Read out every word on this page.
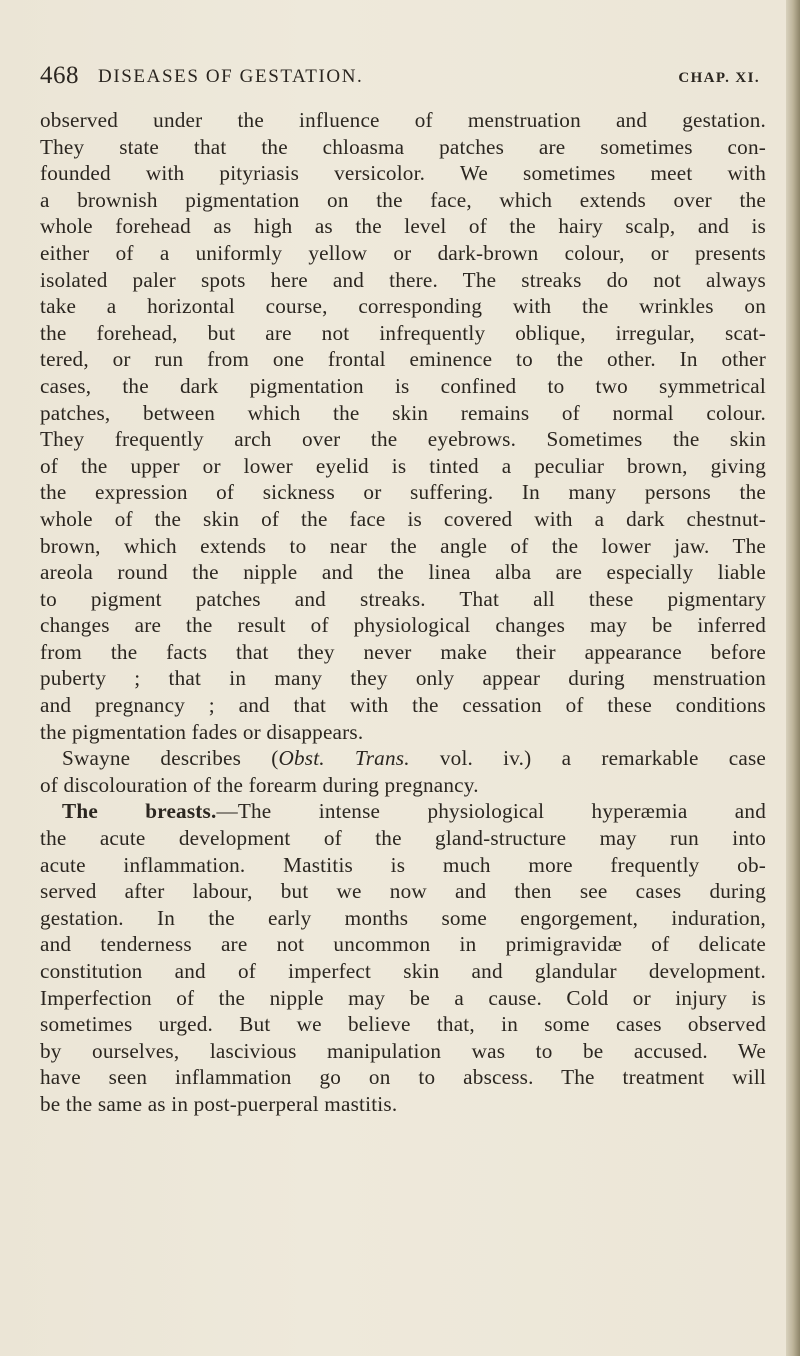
468 DISEASES OF GESTATION.	CHAP. XI.
observed under the influence of menstruation and gestation.
They state that the chloasma patches are sometimes con-
founded with pityriasis versicolor. We sometimes meet with
a brownish pigmentation on the face, which extends over the
whole forehead as high as the level of the hairy scalp, and is
either of a uniformly yellow or dark-brown colour, or presents
isolated paler spots here and there. The streaks do not always
take a horizontal course, corresponding with the wrinkles on
the forehead, but are not infrequently oblique, irregular, scat-
tered, or run from one frontal eminence to the other. In other
cases, the dark pigmentation is confined to two symmetrical
patches, between which the skin remains of normal colour.
They frequently arch over the eyebrows. Sometimes the skin
of the upper or lower eyelid is tinted a peculiar brown, giving
the expression of sickness or suffering. In many persons the
whole of the skin of the face is covered with a dark chestnut-
brown, which extends to near the angle of the lower jaw. The
areola round the nipple and the linea alba are especially liable
to pigment patches and streaks. That all these pigmentary
changes are the result of physiological changes may be inferred
from the facts that they never make their appearance before
puberty ; that in many they only appear during menstruation
and pregnancy ; and that with the cessation of these conditions
the pigmentation fades or disappears.
Swayne describes (Obst. Trans. vol. iv.) a remarkable case
of discolouration of the forearm during pregnancy.
The breasts.—The intense physiological hyperæmia and
the acute development of the gland-structure may run into
acute inflammation. Mastitis is much more frequently ob-
served after labour, but we now and then see cases during
gestation. In the early months some engorgement, induration,
and tenderness are not uncommon in primigravidæ of delicate
constitution and of imperfect skin and glandular development.
Imperfection of the nipple may be a cause. Cold or injury is
sometimes urged. But we believe that, in some cases observed
by ourselves, lascivious manipulation was to be accused. We
have seen inflammation go on to abscess. The treatment will
be the same as in post-puerperal mastitis.
